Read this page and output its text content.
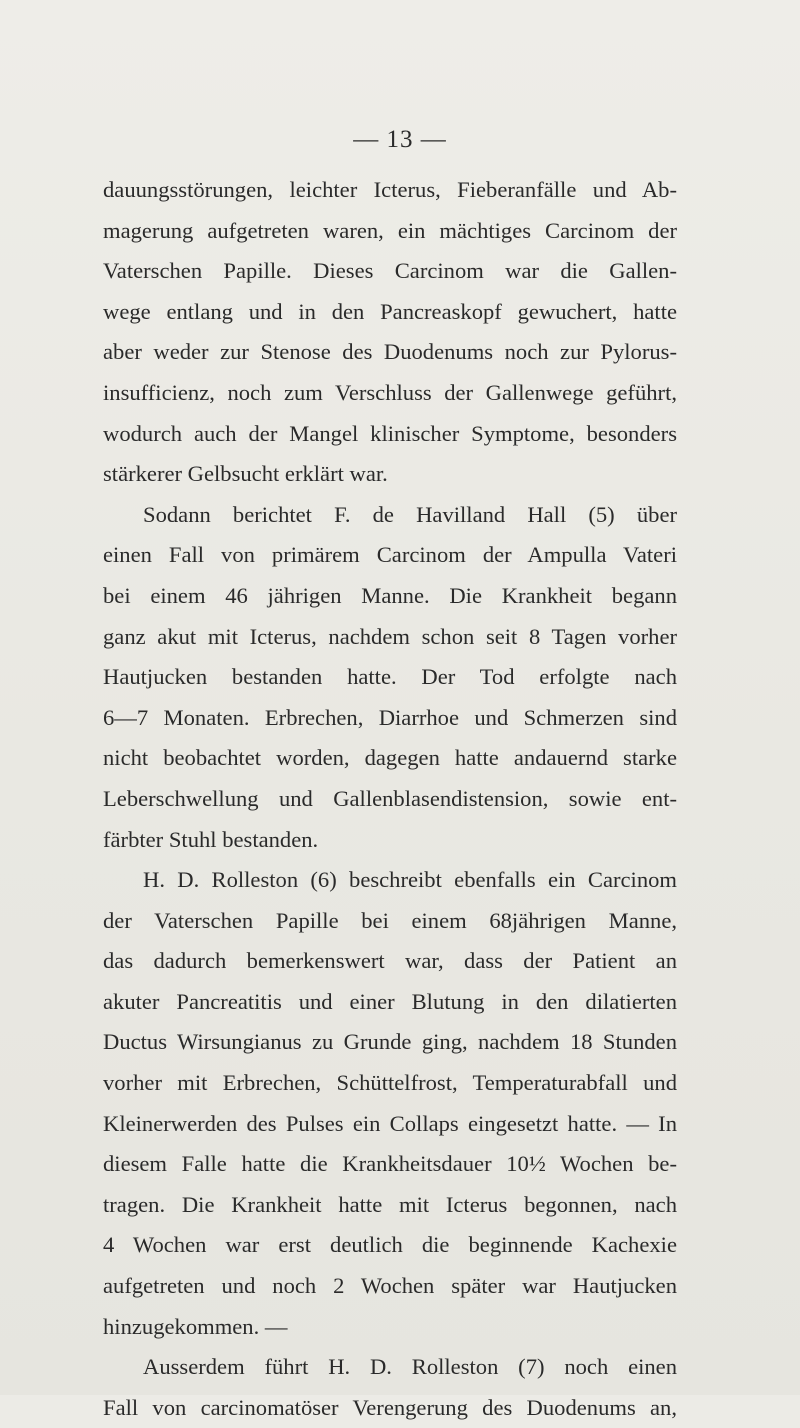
— 13 —
dauungsstörungen, leichter Icterus, Fieberanfälle und Ab-
magerung aufgetreten waren, ein mächtiges Carcinom der
Vaterschen Papille. Dieses Carcinom war die Gallen-
wege entlang und in den Pancreaskopf gewuchert, hatte
aber weder zur Stenose des Duodenums noch zur Pylorus-
insufficienz, noch zum Verschluss der Gallenwege geführt,
wodurch auch der Mangel klinischer Symptome, besonders
stärkerer Gelbsucht erklärt war.
Sodann berichtet F. de Havilland Hall (5) über
einen Fall von primärem Carcinom der Ampulla Vateri
bei einem 46 jährigen Manne. Die Krankheit begann
ganz akut mit Icterus, nachdem schon seit 8 Tagen vorher
Hautjucken bestanden hatte. Der Tod erfolgte nach
6—7 Monaten. Erbrechen, Diarrhoe und Schmerzen sind
nicht beobachtet worden, dagegen hatte andauernd starke
Leberschwellung und Gallenblasendistension, sowie ent-
färbter Stuhl bestanden.
H. D. Rolleston (6) beschreibt ebenfalls ein Carcinom
der Vaterschen Papille bei einem 68jährigen Manne,
das dadurch bemerkenswert war, dass der Patient an
akuter Pancreatitis und einer Blutung in den dilatierten
Ductus Wirsungianus zu Grunde ging, nachdem 18 Stunden
vorher mit Erbrechen, Schüttelfrost, Temperaturabfall und
Kleinerwerden des Pulses ein Collaps eingesetzt hatte. — In
diesem Falle hatte die Krankheitsdauer 10½ Wochen be-
tragen. Die Krankheit hatte mit Icterus begonnen, nach
4 Wochen war erst deutlich die beginnende Kachexie
aufgetreten und noch 2 Wochen später war Hautjucken
hinzugekommen. —
Ausserdem führt H. D. Rolleston (7) noch einen
Fall von carcinomatöser Verengerung des Duodenums an,
